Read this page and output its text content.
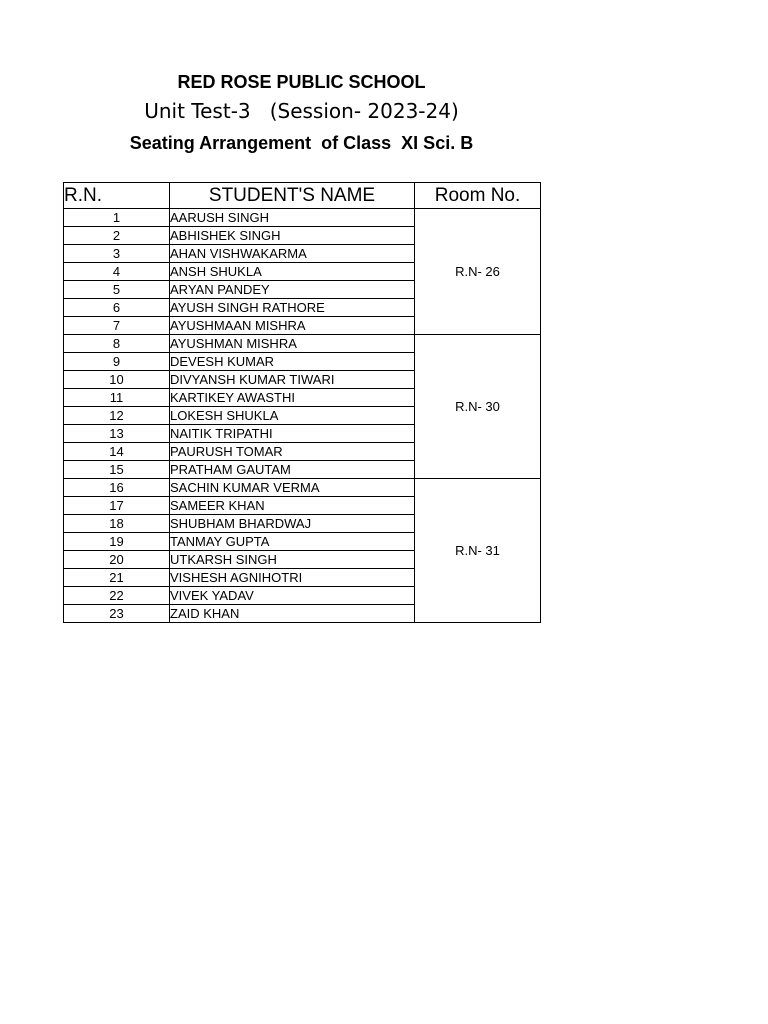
RED ROSE PUBLIC SCHOOL
Unit Test-3   (Session- 2023-24)
Seating Arrangement  of Class  XI Sci. B
R.N.	STUDENT'S NAME	Room No.
1	AARUSH SINGH	R.N- 26
2	ABHISHEK SINGH	
3	AHAN VISHWAKARMA	
4	ANSH SHUKLA	
5	ARYAN PANDEY	
6	AYUSH SINGH RATHORE	
7	AYUSHMAAN MISHRA	
8	AYUSHMAN MISHRA	R.N- 30
9	DEVESH KUMAR	
10	DIVYANSH KUMAR TIWARI	
11	KARTIKEY AWASTHI	
12	LOKESH SHUKLA	
13	NAITIK TRIPATHI	
14	PAURUSH TOMAR	
15	PRATHAM GAUTAM	
16	SACHIN KUMAR VERMA	R.N- 31
17	SAMEER KHAN	
18	SHUBHAM BHARDWAJ	
19	TANMAY GUPTA	
20	UTKARSH SINGH	
21	VISHESH AGNIHOTRI	
22	VIVEK YADAV	
23	ZAID KHAN	
